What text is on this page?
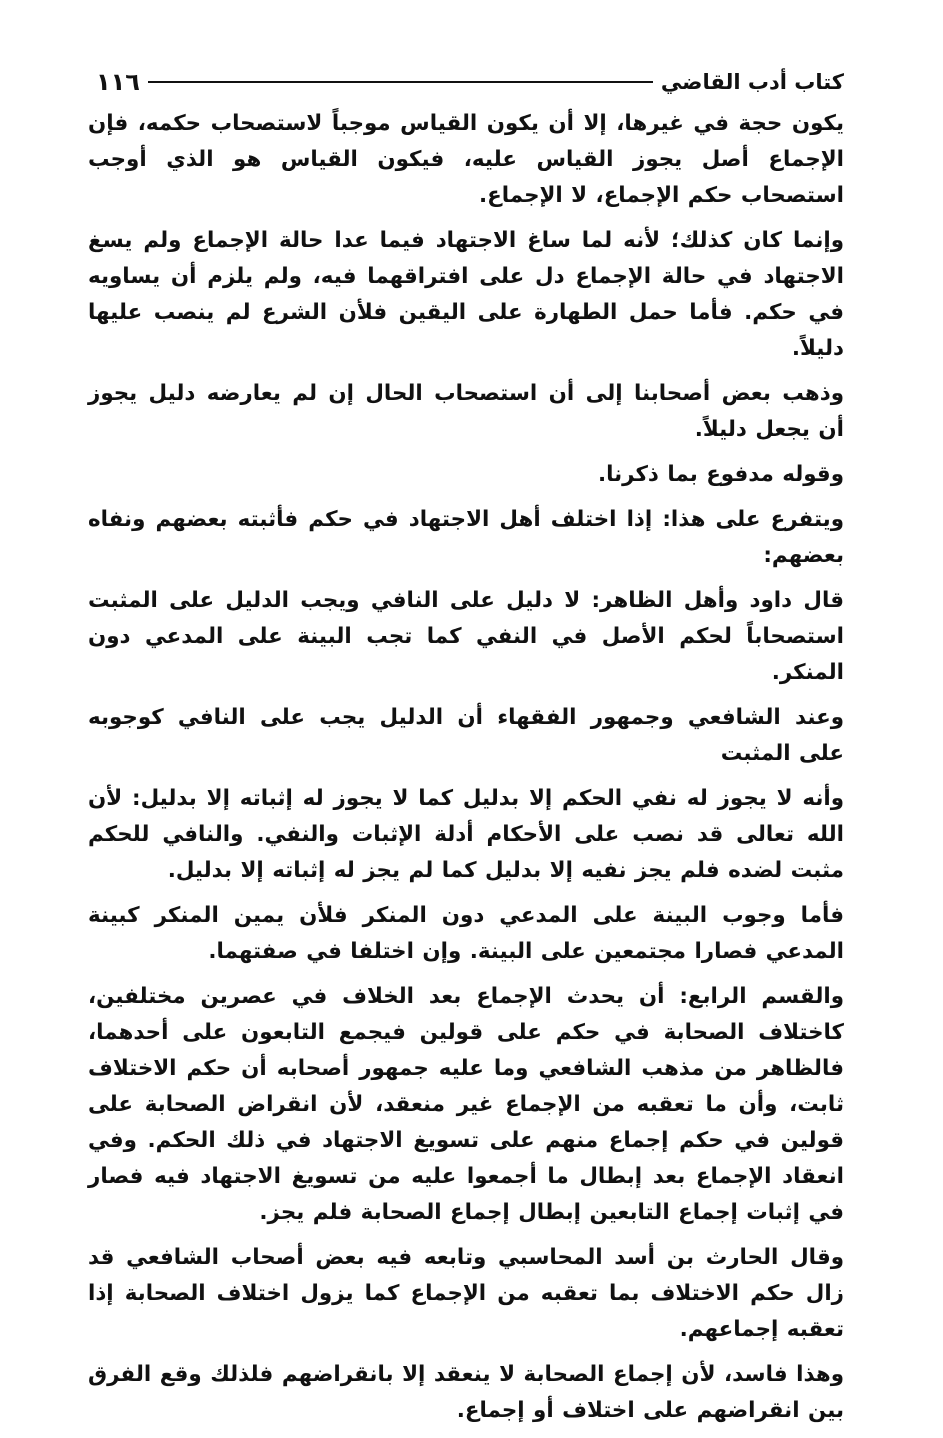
كتاب أدب القاضي
١١٦

يكون حجة في غيرها، إلا أن يكون القياس موجباً لاستصحاب حكمه، فإن الإجماع أصل يجوز القياس عليه، فيكون القياس هو الذي أوجب استصحاب حكم الإجماع، لا الإجماع.

وإنما كان كذلك؛ لأنه لما ساغ الاجتهاد فيما عدا حالة الإجماع ولم يسغ الاجتهاد في حالة الإجماع دل على افتراقهما فيه، ولم يلزم أن يساويه في حكم. فأما حمل الطهارة على اليقين فلأن الشرع لم ينصب عليها دليلاً.

وذهب بعض أصحابنا إلى أن استصحاب الحال إن لم يعارضه دليل يجوز أن يجعل دليلاً.

وقوله مدفوع بما ذكرنا.

ويتفرع على هذا: إذا اختلف أهل الاجتهاد في حكم فأثبته بعضهم ونفاه بعضهم:

قال داود وأهل الظاهر: لا دليل على النافي ويجب الدليل على المثبت استصحاباً لحكم الأصل في النفي كما تجب البينة على المدعي دون المنكر.

وعند الشافعي وجمهور الفقهاء أن الدليل يجب على النافي كوجوبه على المثبت

وأنه لا يجوز له نفي الحكم إلا بدليل كما لا يجوز له إثباته إلا بدليل: لأن الله تعالى قد نصب على الأحكام أدلة الإثبات والنفي. والنافي للحكم مثبت لضده فلم يجز نفيه إلا بدليل كما لم يجز له إثباته إلا بدليل.

فأما وجوب البينة على المدعي دون المنكر فلأن يمين المنكر كبينة المدعي فصارا مجتمعين على البينة. وإن اختلفا في صفتهما.

والقسم الرابع: أن يحدث الإجماع بعد الخلاف في عصرين مختلفين، كاختلاف الصحابة في حكم على قولين فيجمع التابعون على أحدهما، فالظاهر من مذهب الشافعي وما عليه جمهور أصحابه أن حكم الاختلاف ثابت، وأن ما تعقبه من الإجماع غير منعقد، لأن انقراض الصحابة على قولين في حكم إجماع منهم على تسويغ الاجتهاد في ذلك الحكم. وفي انعقاد الإجماع بعد إبطال ما أجمعوا عليه من تسويغ الاجتهاد فيه فصار في إثبات إجماع التابعين إبطال إجماع الصحابة فلم يجز.

وقال الحارث بن أسد المحاسبي وتابعه فيه بعض أصحاب الشافعي قد زال حكم الاختلاف بما تعقبه من الإجماع كما يزول اختلاف الصحابة إذا تعقبه إجماعهم.

وهذا فاسد، لأن إجماع الصحابة لا ينعقد إلا بانقراضهم فلذلك وقع الفرق بين انقراضهم على اختلاف أو إجماع.
